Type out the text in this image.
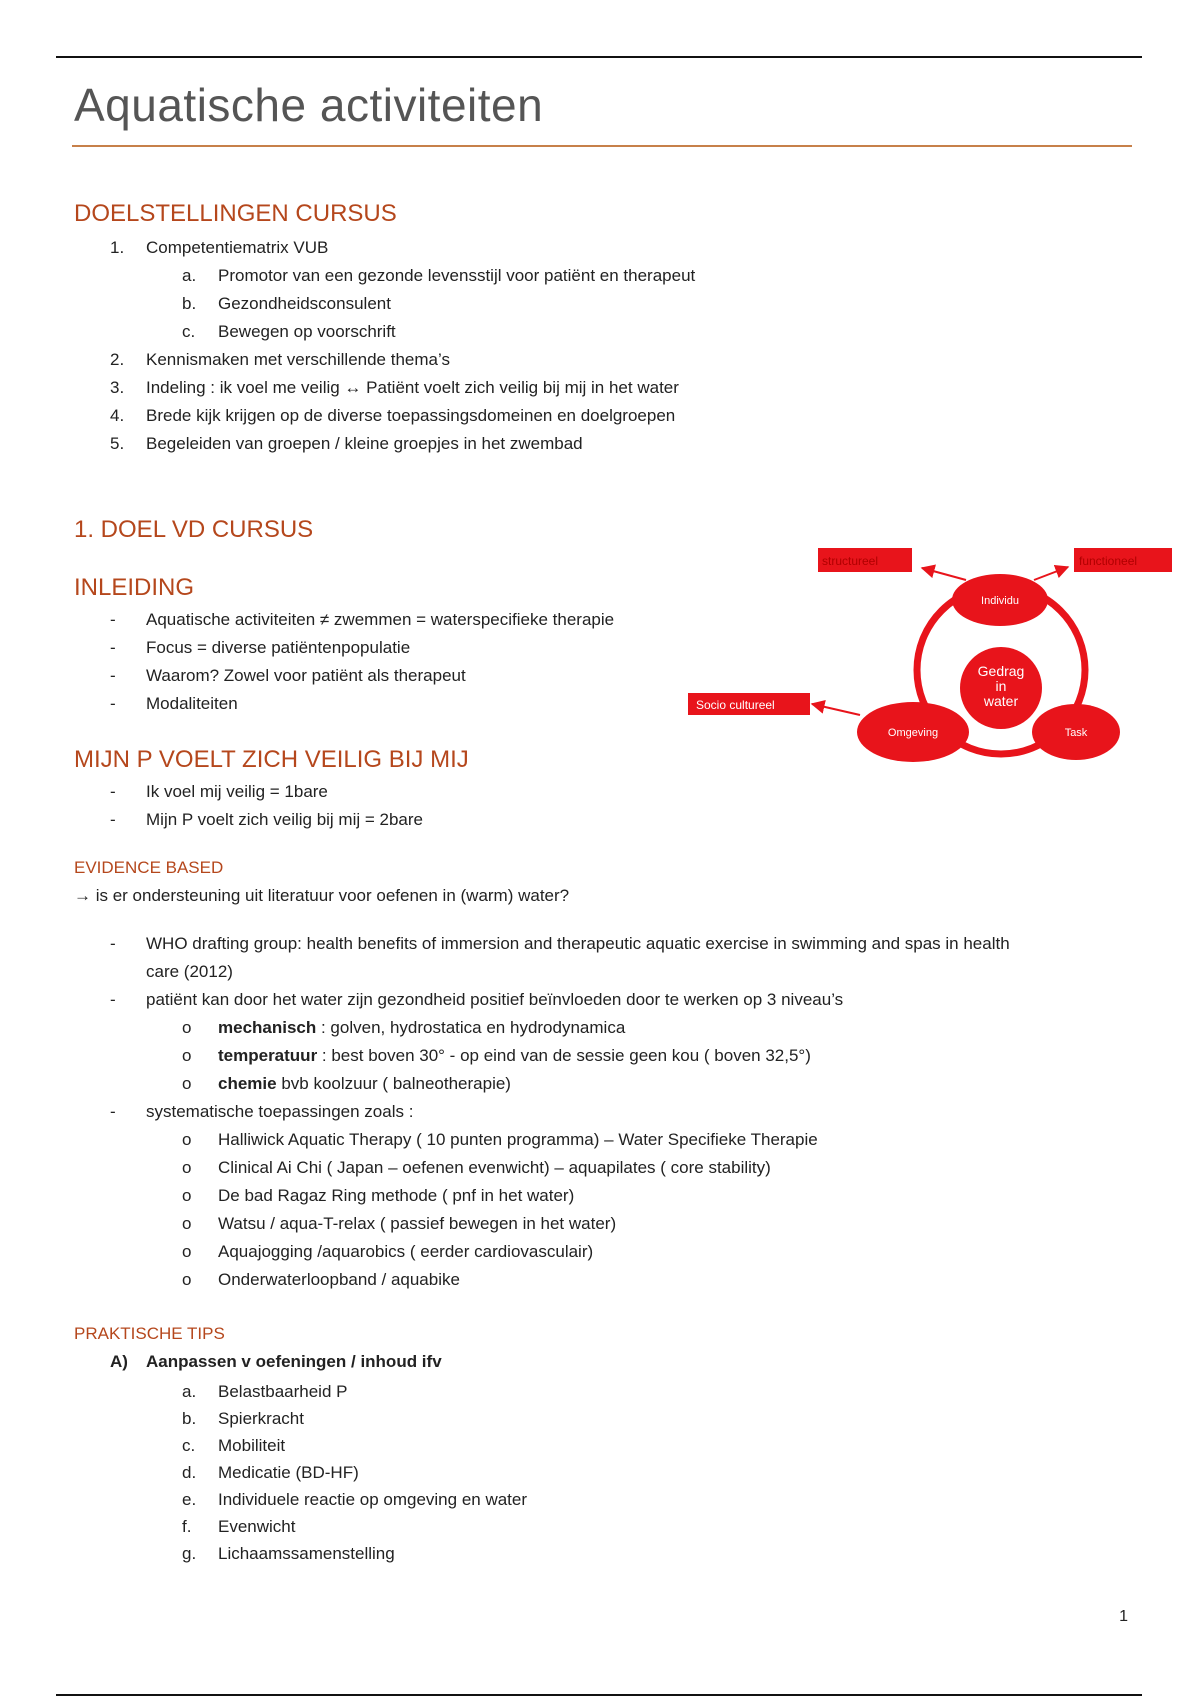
Aquatische activiteiten
DOELSTELLINGEN CURSUS
1. Competentiematrix VUB
a. Promotor van een gezonde levensstijl voor patiënt en therapeut
b. Gezondheidsconsulent
c. Bewegen op voorschrift
2. Kennismaken met verschillende thema’s
3. Indeling : ik voel me veilig ↔ Patiënt voelt zich veilig bij mij in het water
4. Brede kijk krijgen op de diverse toepassingsdomeinen en doelgroepen
5. Begeleiden van groepen / kleine groepjes in het zwembad
1. DOEL VD CURSUS
INLEIDING
- Aquatische activiteiten ≠ zwemmen = waterspecifieke therapie
- Focus = diverse patiëntenpopulatie
- Waarom? Zowel voor patiënt als therapeut
- Modaliteiten
Individu
Omgeving	Task
Gedrag
in
water
structureel	functioneel
Socio cultureel
MIJN P VOELT ZICH VEILIG BIJ MIJ
- Ik voel mij veilig = 1bare
- Mijn P voelt zich veilig bij mij = 2bare
EVIDENCE BASED
→ is er ondersteuning uit literatuur voor oefenen in (warm) water?
- WHO drafting group: health benefits of immersion and therapeutic aquatic exercise in swimming and spas in health
care (2012)
- patiënt kan door het water zijn gezondheid positief beïnvloeden door te werken op 3 niveau’s
o mechanisch : golven, hydrostatica en hydrodynamica
o temperatuur : best boven 30° - op eind van de sessie geen kou ( boven 32,5°)
o chemie bvb koolzuur ( balneotherapie)
- systematische toepassingen zoals :
o Halliwick Aquatic Therapy ( 10 punten programma) – Water Specifieke Therapie
o Clinical Ai Chi ( Japan – oefenen evenwicht) – aquapilates ( core stability)
o De bad Ragaz Ring methode ( pnf in het water)
o Watsu / aqua-T-relax ( passief bewegen in het water)
o Aquajogging /aquarobics ( eerder cardiovasculair)
o Onderwaterloopband / aquabike
PRAKTISCHE TIPS
A) Aanpassen v oefeningen / inhoud ifv
a. Belastbaarheid P
b. Spierkracht
c. Mobiliteit
d. Medicatie (BD-HF)
e. Individuele reactie op omgeving en water
f. Evenwicht
g. Lichaamssamenstelling
1
